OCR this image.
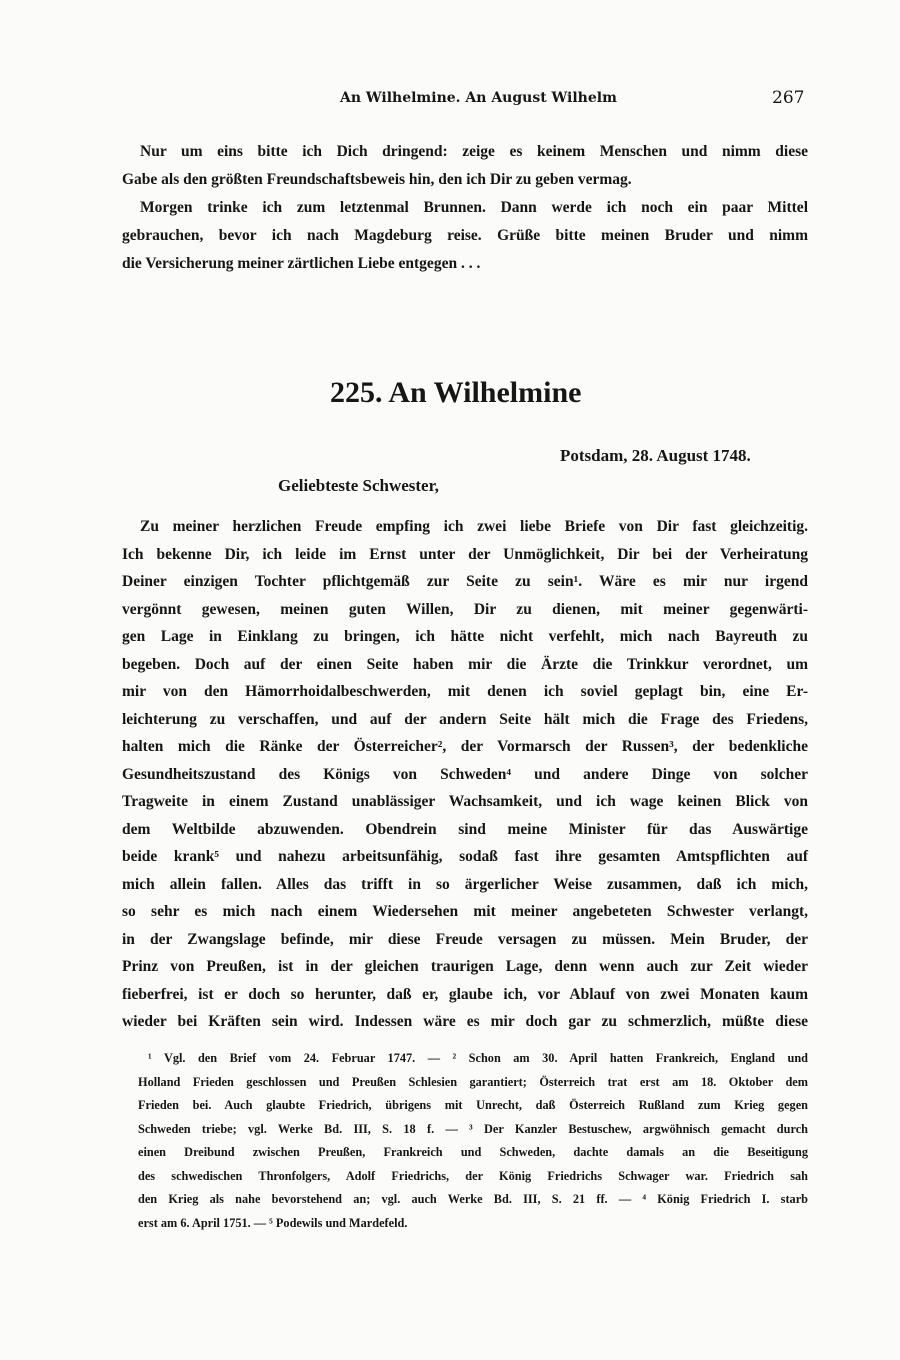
An Wilhelmine. An August Wilhelm	267
Nur um eins bitte ich Dich dringend: zeige es keinem Menschen und nimm diese
Gabe als den größten Freundschaftsbeweis hin, den ich Dir zu geben vermag.
Morgen trinke ich zum letztenmal Brunnen. Dann werde ich noch ein paar Mittel
gebrauchen, bevor ich nach Magdeburg reise. Grüße bitte meinen Bruder und nimm
die Versicherung meiner zärtlichen Liebe entgegen . . .
225. An Wilhelmine
Potsdam, 28. August 1748.
Geliebteste Schwester,
Zu meiner herzlichen Freude empfing ich zwei liebe Briefe von Dir fast gleichzeitig.
Ich bekenne Dir, ich leide im Ernst unter der Unmöglichkeit, Dir bei der Verheiratung
Deiner einzigen Tochter pflichtgemäß zur Seite zu sein¹. Wäre es mir nur irgend
vergönnt gewesen, meinen guten Willen, Dir zu dienen, mit meiner gegenwärti-
gen Lage in Einklang zu bringen, ich hätte nicht verfehlt, mich nach Bayreuth zu
begeben. Doch auf der einen Seite haben mir die Ärzte die Trinkkur verordnet, um
mir von den Hämorrhoidalbeschwerden, mit denen ich soviel geplagt bin, eine Er-
leichterung zu verschaffen, und auf der andern Seite hält mich die Frage des Friedens,
halten mich die Ränke der Österreicher², der Vormarsch der Russen³, der bedenkliche
Gesundheitszustand des Königs von Schweden⁴ und andere Dinge von solcher
Tragweite in einem Zustand unablässiger Wachsamkeit, und ich wage keinen Blick von
dem Weltbilde abzuwenden. Obendrein sind meine Minister für das Auswärtige
beide krank⁵ und nahezu arbeitsunfähig, sodaß fast ihre gesamten Amtspflichten auf
mich allein fallen. Alles das trifft in so ärgerlicher Weise zusammen, daß ich mich,
so sehr es mich nach einem Wiedersehen mit meiner angebeteten Schwester verlangt,
in der Zwangslage befinde, mir diese Freude versagen zu müssen. Mein Bruder, der
Prinz von Preußen, ist in der gleichen traurigen Lage, denn wenn auch zur Zeit wieder
fieberfrei, ist er doch so herunter, daß er, glaube ich, vor Ablauf von zwei Monaten kaum
wieder bei Kräften sein wird. Indessen wäre es mir doch gar zu schmerzlich, müßte diese
¹ Vgl. den Brief vom 24. Februar 1747. — ² Schon am 30. April hatten Frankreich, England und
Holland Frieden geschlossen und Preußen Schlesien garantiert; Österreich trat erst am 18. Oktober dem
Frieden bei. Auch glaubte Friedrich, übrigens mit Unrecht, daß Österreich Rußland zum Krieg gegen
Schweden triebe; vgl. Werke Bd. III, S. 18 f. — ³ Der Kanzler Bestuschew, argwöhnisch gemacht durch
einen Dreibund zwischen Preußen, Frankreich und Schweden, dachte damals an die Beseitigung
des schwedischen Thronfolgers, Adolf Friedrichs, der König Friedrichs Schwager war. Friedrich sah
den Krieg als nahe bevorstehend an; vgl. auch Werke Bd. III, S. 21 ff. — ⁴ König Friedrich I. starb
erst am 6. April 1751. — ⁵ Podewils und Mardefeld.
